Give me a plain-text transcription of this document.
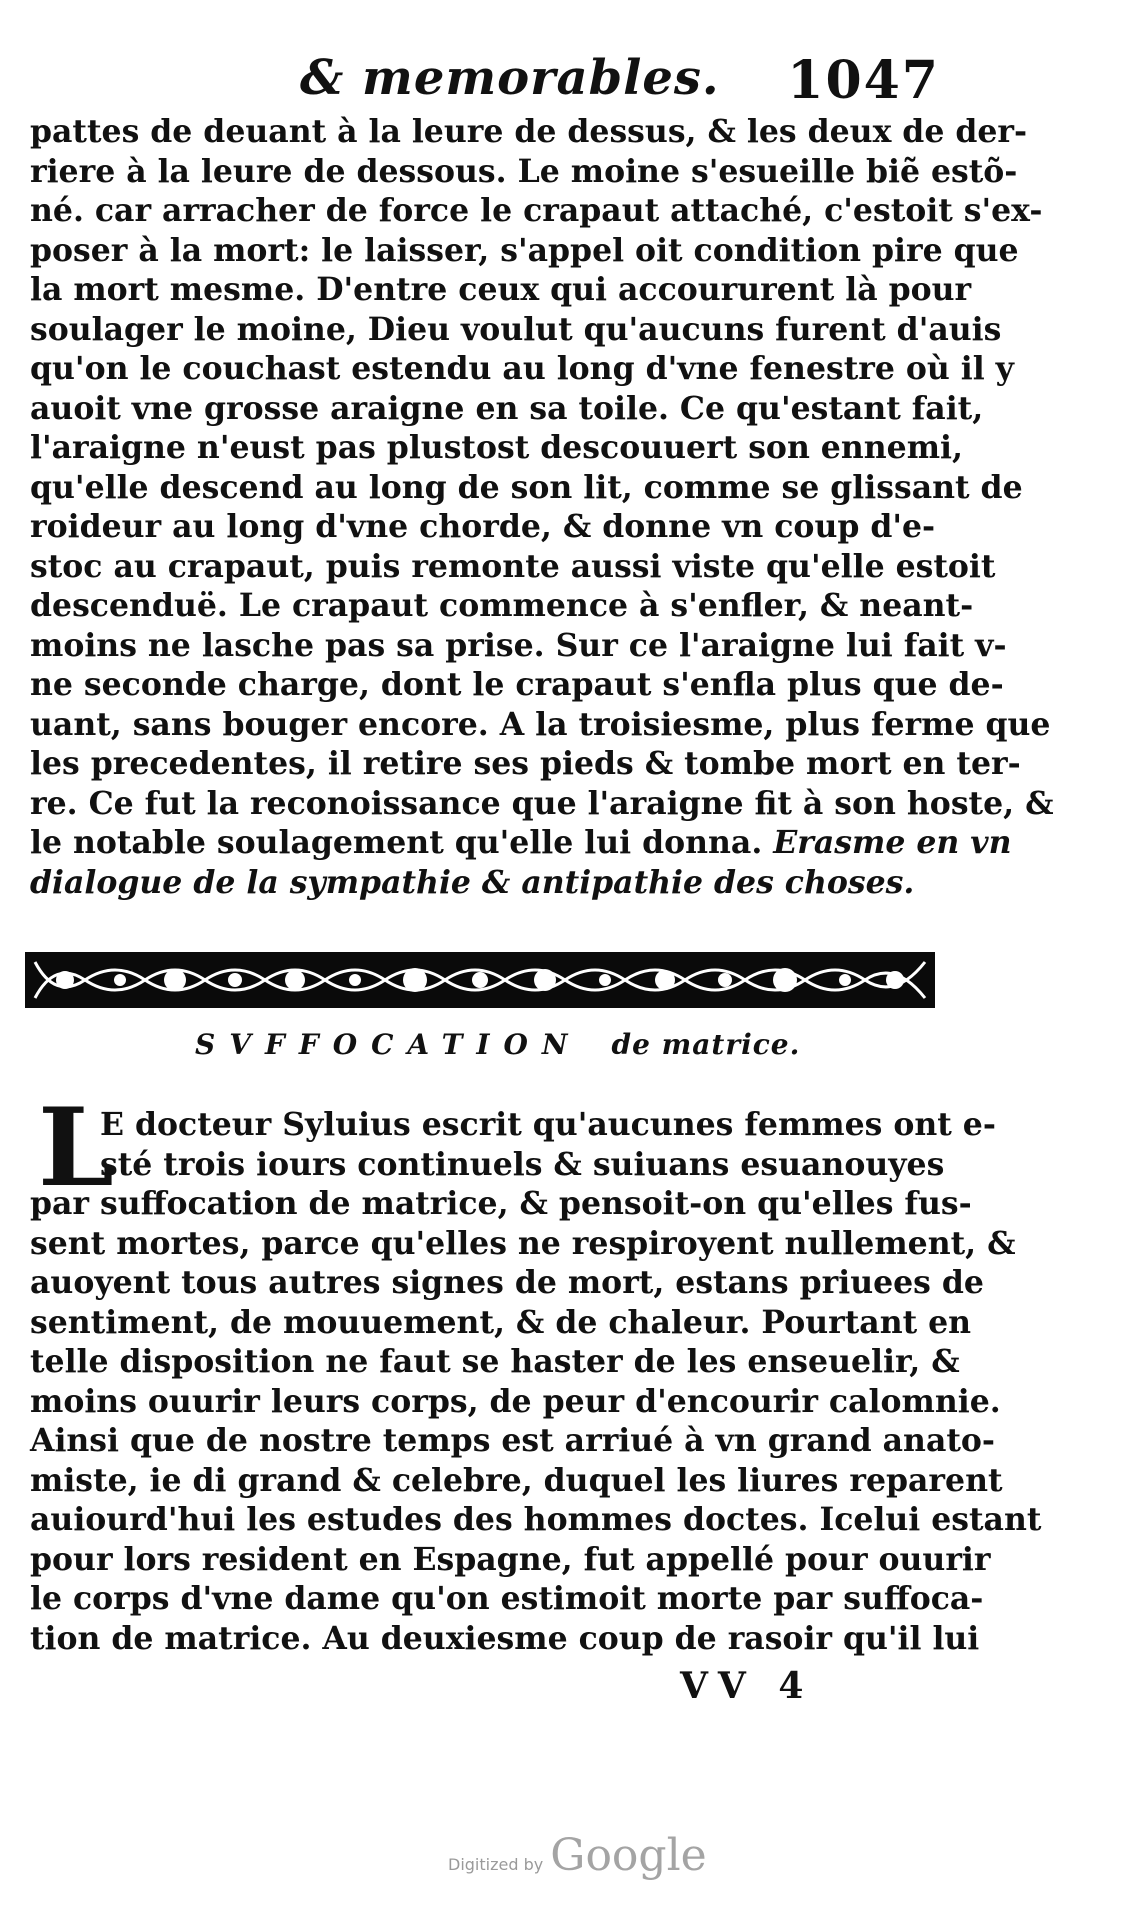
& memorables. 1047
pattes de deuant à la leure de dessus, & les deux de der-
riere à la leure de dessous. Le moine s'esueille biẽ estõ-
né. car arracher de force le crapaut attaché, c'estoit s'ex-
poser à la mort: le laisser, s'appel oit condition pire que
la mort mesme. D'entre ceux qui accoururent là pour
soulager le moine, Dieu voulut qu'aucuns furent d'auis
qu'on le couchast estendu au long d'vne fenestre où il y
auoit vne grosse araigne en sa toile. Ce qu'estant fait,
l'araigne n'eust pas plustost descouuert son ennemi,
qu'elle descend au long de son lit, comme se glissant de
roideur au long d'vne chorde, & donne vn coup d'e-
stoc au crapaut, puis remonte aussi viste qu'elle estoit
descenduë. Le crapaut commence à s'enfler, & neant-
moins ne lasche pas sa prise. Sur ce l'araigne lui fait v-
ne seconde charge, dont le crapaut s'enfla plus que de-
uant, sans bouger encore. A la troisiesme, plus ferme que
les precedentes, il retire ses pieds & tombe mort en ter-
re. Ce fut la reconoissance que l'araigne fit à son hoste, &
le notable soulagement qu'elle lui donna. Erasme en vn
dialogue de la sympathie & antipathie des choses.
SVFFOCATION de matrice.
L
E docteur Syluius escrit qu'aucunes femmes ont e-
sté trois iours continuels & suiuans esuanouyes
par suffocation de matrice, & pensoit-on qu'elles fus-
sent mortes, parce qu'elles ne respiroyent nullement, &
auoyent tous autres signes de mort, estans priuees de
sentiment, de mouuement, & de chaleur. Pourtant en
telle disposition ne faut se haster de les enseuelir, &
moins ouurir leurs corps, de peur d'encourir calomnie.
Ainsi que de nostre temps est arriué à vn grand anato-
miste, ie di grand & celebre, duquel les liures reparent
auiourd'hui les estudes des hommes doctes. Icelui estant
pour lors resident en Espagne, fut appellé pour ouurir
le corps d'vne dame qu'on estimoit morte par suffoca-
tion de matrice. Au deuxiesme coup de rasoir qu'il lui
VV 4
Digitized by Google
